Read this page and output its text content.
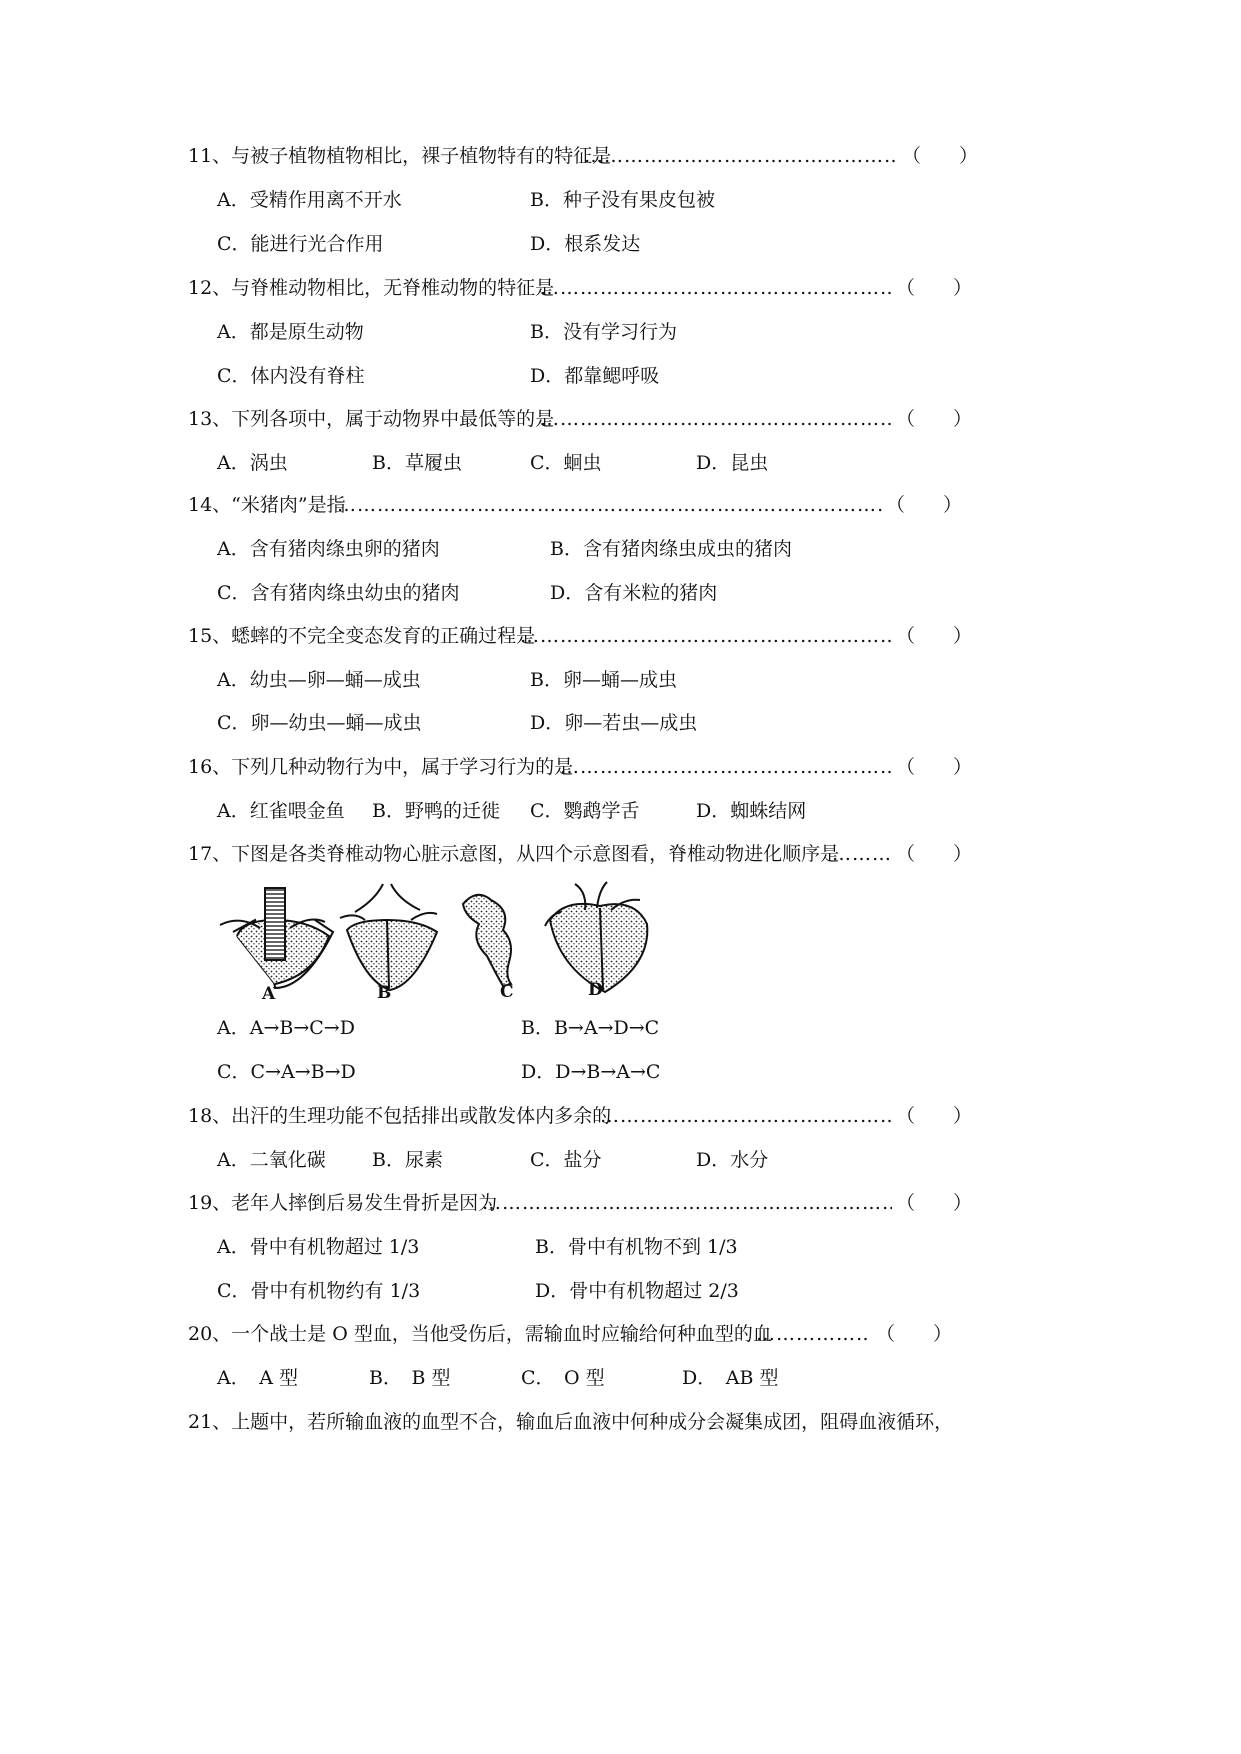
11、与被子植物植物相比，裸子植物特有的特征是 ……………………………………………………………………………………………………………………………………	（　　）
A．受精作用离不开水	B．种子没有果皮包被
C．能进行光合作用	D．根系发达
12、与脊椎动物相比，无脊椎动物的特征是 ……………………………………………………………………………………………………………………………………	（　　）
A．都是原生动物	B．没有学习行为
C．体内没有脊柱	D．都靠鳃呼吸
13、下列各项中，属于动物界中最低等的是 ……………………………………………………………………………………………………………………………………	（　　）
A．涡虫	B．草履虫	C．蛔虫	D．昆虫
14、“米猪肉”是指 ……………………………………………………………………………………………………………………………………	（　　）
A．含有猪肉绦虫卵的猪肉	B．含有猪肉绦虫成虫的猪肉
C．含有猪肉绦虫幼虫的猪肉	D．含有米粒的猪肉
15、蟋蟀的不完全变态发育的正确过程是 ……………………………………………………………………………………………………………………………………	（　　）
A．幼虫—卵—蛹—成虫	B．卵—蛹—成虫
C．卵—幼虫—蛹—成虫	D．卵—若虫—成虫
16、下列几种动物行为中，属于学习行为的是 ……………………………………………………………………………………………………………………………………	（　　）
A．红雀喂金鱼 B．野鸭的迁徙 C．鹦鹉学舌	D．蜘蛛结网
17、下图是各类脊椎动物心脏示意图，从四个示意图看，脊椎动物进化顺序是 ……………………………………………………………………………………………………………………………………	（　　）
A	B	C	D
A．A→B→C→D	B．B→A→D→C
C．C→A→B→D	D．D→B→A→C
18、出汗的生理功能不包括排出或散发体内多余的 ……………………………………………………………………………………………………………………………………	（　　）
A．二氧化碳 B．尿素	C．盐分	D．水分
19、老年人摔倒后易发生骨折是因为 ……………………………………………………………………………………………………………………………………	（　　）
A．骨中有机物超过 1/3	B．骨中有机物不到 1/3
C．骨中有机物约有 1/3	D．骨中有机物超过 2/3
20、一个战士是 O 型血，当他受伤后，需输血时应输给何种血型的血 ……………………………………………………………………………………………………………………………………	（　　）
A．　A 型	B．　B 型	C．　O 型	D．　AB 型
21、上题中，若所输血液的血型不合，输血后血液中何种成分会凝集成团，阻碍血液循环，
